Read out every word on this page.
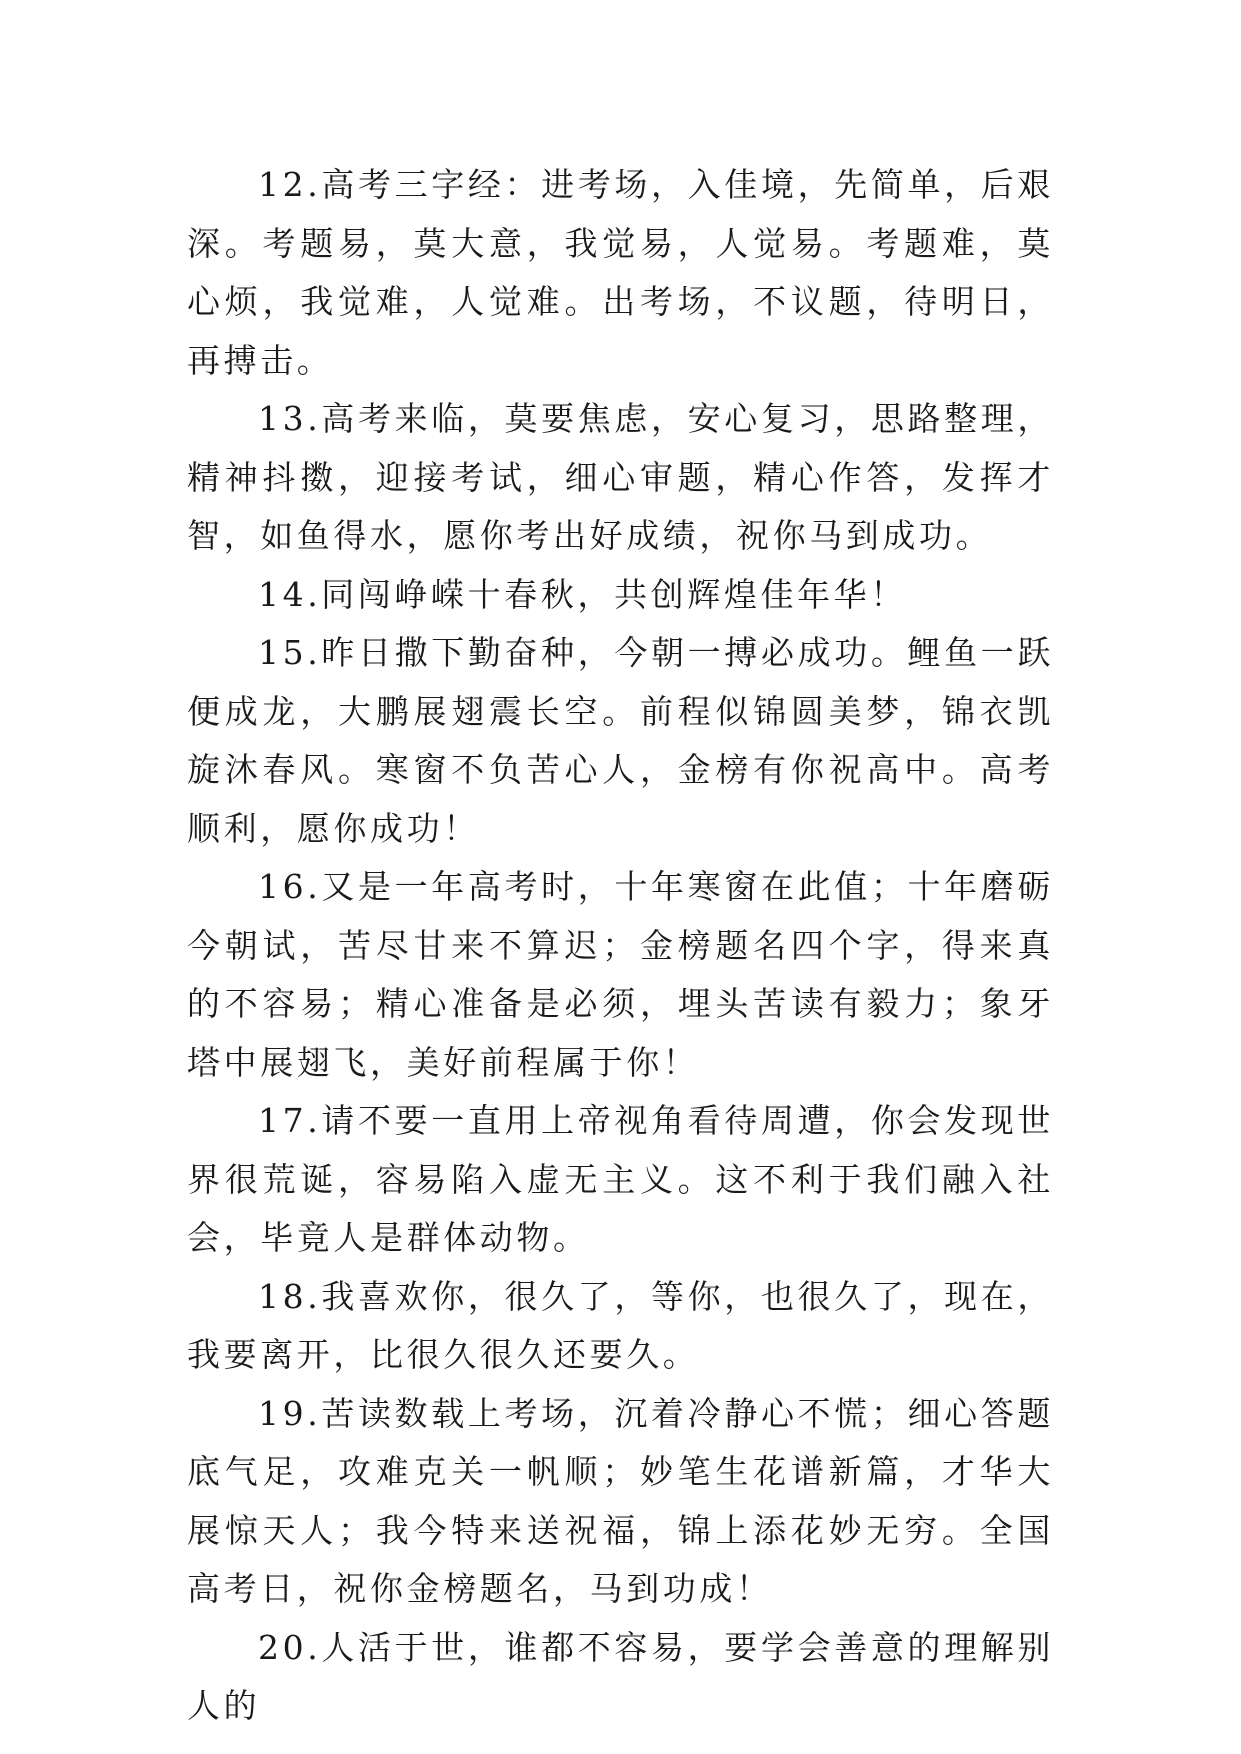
12.高考三字经：进考场，入佳境，先简单，后艰深。考题易，莫大意，我觉易，人觉易。考题难，莫心烦，我觉难，人觉难。出考场，不议题，待明日，再搏击。

13.高考来临，莫要焦虑，安心复习，思路整理，精神抖擞，迎接考试，细心审题，精心作答，发挥才智，如鱼得水，愿你考出好成绩，祝你马到成功。

14.同闯峥嵘十春秋，共创辉煌佳年华！

15.昨日撒下勤奋种，今朝一搏必成功。鲤鱼一跃便成龙，大鹏展翅震长空。前程似锦圆美梦，锦衣凯旋沐春风。寒窗不负苦心人，金榜有你祝高中。高考顺利，愿你成功！

16.又是一年高考时，十年寒窗在此值；十年磨砺今朝试，苦尽甘来不算迟；金榜题名四个字，得来真的不容易；精心准备是必须，埋头苦读有毅力；象牙塔中展翅飞，美好前程属于你！

17.请不要一直用上帝视角看待周遭，你会发现世界很荒诞，容易陷入虚无主义。这不利于我们融入社会，毕竟人是群体动物。

18.我喜欢你，很久了，等你，也很久了，现在，我要离开，比很久很久还要久。

19.苦读数载上考场，沉着冷静心不慌；细心答题底气足，攻难克关一帆顺；妙笔生花谱新篇，才华大展惊天人；我今特来送祝福，锦上添花妙无穷。全国高考日，祝你金榜题名，马到功成！

20.人活于世，谁都不容易，要学会善意的理解别人的
